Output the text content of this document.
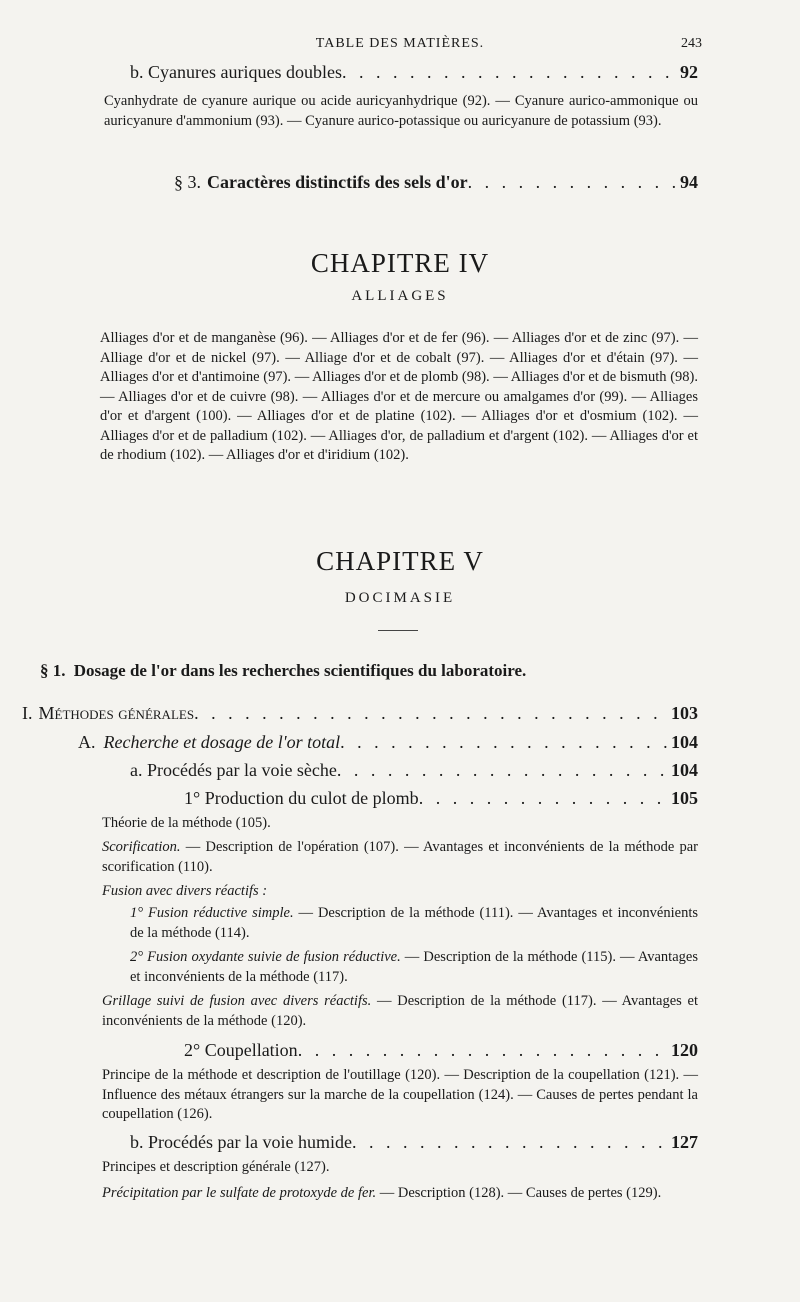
TABLE DES MATIÈRES.	243
b. Cyanures auriques doubles . . .	92
Cyanhydrate de cyanure aurique ou acide auricyanhydrique (92). — Cyanure aurico-ammonique ou auricyanure d'ammonium (93). — Cyanure aurico-potassique ou auricyanure de potassium (93).
§ 3. Caractères distinctifs des sels d'or . . .	94
CHAPITRE IV
ALLIAGES
Alliages d'or et de manganèse (96). — Alliages d'or et de fer (96). — Alliages d'or et de zinc (97). — Alliage d'or et de nickel (97). — Alliage d'or et de cobalt (97). — Alliages d'or et d'étain (97). — Alliages d'or et d'antimoine (97). — Alliages d'or et de plomb (98). — Alliages d'or et de bismuth (98). — Alliages d'or et de cuivre (98). — Alliages d'or et de mercure ou amalgames d'or (99). — Alliages d'or et d'argent (100). — Alliages d'or et de platine (102). — Alliages d'or et d'osmium (102). — Alliages d'or et de palladium (102). — Alliages d'or, de palladium et d'argent (102). — Alliages d'or et de rhodium (102). — Alliages d'or et d'iridium (102).
CHAPITRE V
DOCIMASIE
§ 1. Dosage de l'or dans les recherches scientifiques du laboratoire.
I. Méthodes générales . . .	103
A. Recherche et dosage de l'or total . . .	104
a. Procédés par la voie sèche . . .	104
1° Production du culot de plomb . . .	105
Théorie de la méthode (105).
Scorification. — Description de l'opération (107). — Avantages et inconvénients de la méthode par scorification (110).
Fusion avec divers réactifs :
1° Fusion réductive simple. — Description de la méthode (111). — Avantages et inconvénients de la méthode (114).
2° Fusion oxydante suivie de fusion réductive. — Description de la méthode (115). — Avantages et inconvénients de la méthode (117).
Grillage suivi de fusion avec divers réactifs. — Description de la méthode (117). — Avantages et inconvénients de la méthode (120).
2° Coupellation . . .	120
Principe de la méthode et description de l'outillage (120). — Description de la coupellation (121). — Influence des métaux étrangers sur la marche de la coupellation (124). — Causes de pertes pendant la coupellation (126).
b. Procédés par la voie humide . . .	127
Principes et description générale (127).
Précipitation par le sulfate de protoxyde de fer. — Description (128). — Causes de pertes (129).
